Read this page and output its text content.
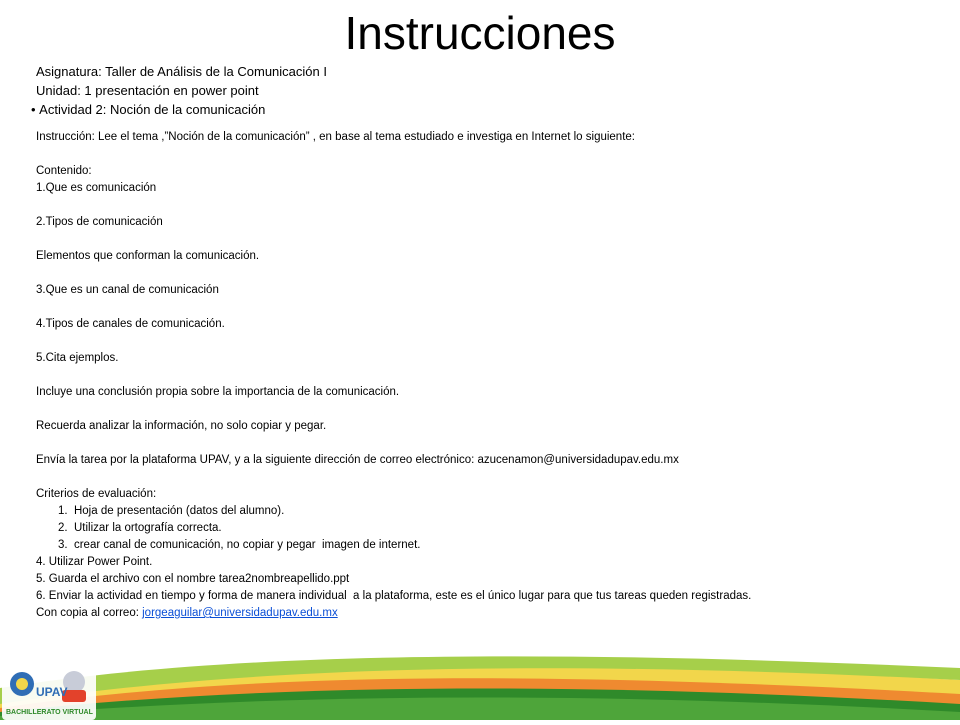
Instrucciones
Asignatura: Taller de Análisis de la Comunicación I
Unidad: 1 presentación en power point
• Actividad 2: Noción de la comunicación
Instrucción: Lee el tema ,”Noción de la comunicación” , en base al tema estudiado e investiga en Internet lo siguiente:
Contenido:
1.Que es comunicación
2.Tipos de comunicación
Elementos que conforman la comunicación.
3.Que es un canal de comunicación
4.Tipos de canales de comunicación.
5.Cita ejemplos.
Incluye una conclusión propia sobre la importancia de la comunicación.
Recuerda analizar la información, no solo copiar y pegar.
Envía la tarea por la plataforma UPAV, y a la siguiente dirección de correo electrónico: azucenamon@universidadupav.edu.mx
Criterios de evaluación:
1.  Hoja de presentación (datos del alumno).
2.  Utilizar la ortografía correcta.
3.  crear canal de comunicación, no copiar y pegar  imagen de internet.
4. Utilizar Power Point.
5. Guarda el archivo con el nombre tarea2nombreapellido.ppt
6. Enviar la actividad en tiempo y forma de manera individual  a la plataforma, este es el único lugar para que tus tareas queden registradas.
Con copia al correo: jorgeaguilar@universidadupav.edu.mx
UPAV
BACHILLERATO VIRTUAL
